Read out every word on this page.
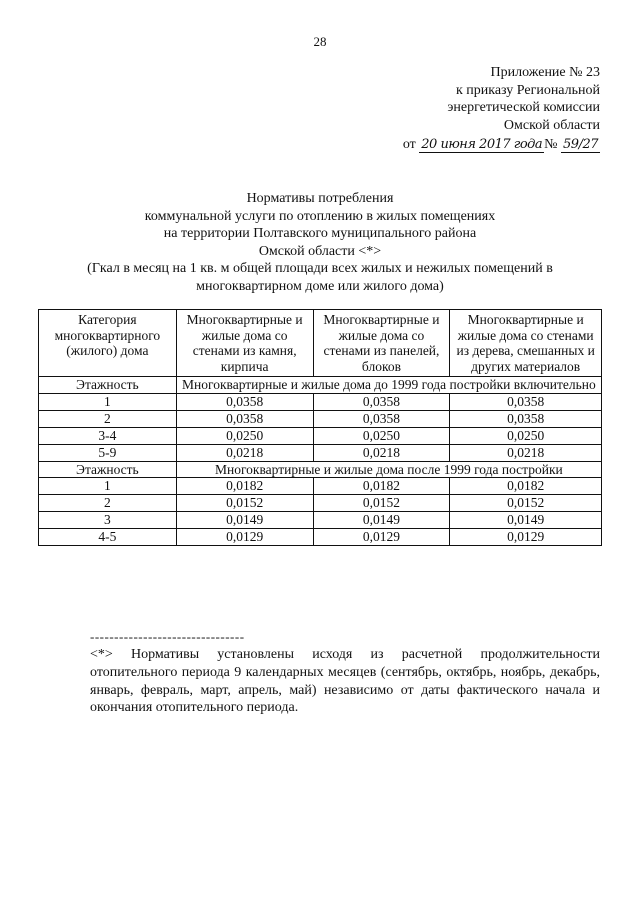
28
Приложение № 23
к приказу Региональной
энергетической комиссии
Омской области
от 20 июня 2017 года № 59/27
Нормативы потребления
коммунальной услуги по отоплению в жилых помещениях
на территории Полтавского муниципального района
Омской области <*>
(Гкал в месяц на 1 кв. м общей площади всех жилых и нежилых помещений в
многоквартирном доме или жилого дома)
Категория многоквартирного (жилого) дома	Многоквартирные и жилые дома со стенами из камня, кирпича	Многоквартирные и жилые дома со стенами из панелей, блоков	Многоквартирные и жилые дома со стенами из дерева, смешанных и других материалов
Этажность	Многоквартирные и жилые дома до 1999 года постройки включительно		
1	0,0358	0,0358	0,0358
2	0,0358	0,0358	0,0358
3-4	0,0250	0,0250	0,0250
5-9	0,0218	0,0218	0,0218
Этажность	Многоквартирные и жилые дома после 1999 года постройки		
1	0,0182	0,0182	0,0182
2	0,0152	0,0152	0,0152
3	0,0149	0,0149	0,0149
4-5	0,0129	0,0129	0,0129
--------------------------------
<*> Нормативы установлены исходя из расчетной продолжительности отопительного периода 9 календарных месяцев (сентябрь, октябрь, ноябрь, декабрь, январь, февраль, март, апрель, май) независимо от даты фактического начала и окончания отопительного периода.
